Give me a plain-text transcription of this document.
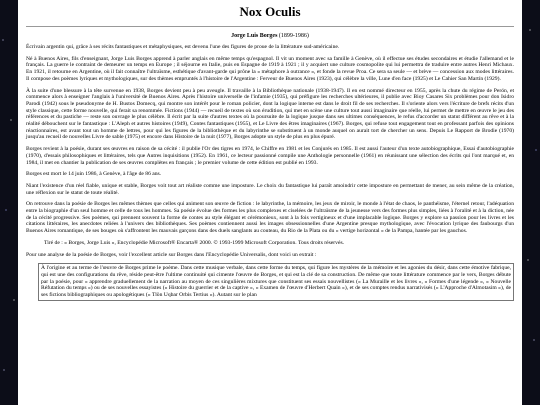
Nox Oculis
Jorge Luis Borges (1899-1986)

Écrivain argentin qui, grâce à ses récits fantastiques et métaphysiques, est devenu l'une des figures de proue de la littérature sud-américaine.

Né à Buenos Aires, fils d'enseignant, Jorge Luis Borges apprend à parler anglais en même temps qu'espagnol. Il vit un moment avec sa famille à Genève, où il effectue ses études secondaires et étudie l'allemand et le français. La guerre le contraint de demeurer un temps en Europe ; il séjourne en Italie, puis en Espagne de 1919 à 1921 ; il y acquiert une culture cosmopolite qui lui permettra de traduire entre autres Henri Michaux. En 1921, il retourne en Argentine, où il fait connaître l'ultraïsme, esthétique d'avant-garde qui prône la « métaphore à outrance », et fonde la revue Proa. Ce sera sa seule — et brève — concession aux modes littéraires. Il compose des poèmes lyriques et mythologiques, sur des thèmes empruntés à l'histoire de l'Argentine : Ferveur de Buenos Aires (1923), qui célèbre la ville, Lune d'en face (1925) et Le Cahier San Martín (1929).

À la suite d'une blessure à la tête survenue en 1938, Borges devient peu à peu aveugle. Il travaille à la Bibliothèque nationale (1938-1947). Il en est nommé directeur en 1955, après la chute du régime de Perón, et commence alors à enseigner l'anglais à l'université de Buenos Aires. Après l'histoire universelle de l'infamie (1935), qui préfigure les recherches ultérieures, il publie avec Bioy Casares Six problèmes pour don Isidro Parodi (1942) sous le pseudonyme de H. Bustos Domecq, qui montre son intérêt pour le roman policier, dont la logique interne est dans le droit fil de ses recherches. Il s'oriente alors vers l'écriture de brefs récits d'un style classique, cette forme nouvelle, qui ferait sa renommée. Fictions (1944) — recueil de textes où son érudition, qui met en scène une culture tout aussi imaginaire que réelle, lui permet de mettre en œuvre le jeu des références et du pastiche — reste son ouvrage le plus célèbre. Il écrit par la suite d'autres textes où la poursuite de la logique jusque dans ses ultimes conséquences, le refus d'accorder un statut différent au rêve et à la réalité débouchent sur le fantastique : L'Aleph et autres histoires (1949), Contes fantastiques (1955), et Le Livre des êtres imaginaires (1967). Borges, qui refuse tout engagement tout en professant parfois des opinions réactionnaires, est avant tout un homme de lettres, pour qui les figures de la bibliothèque et du labyrinthe se substituent à un monde auquel on aurait tort de chercher un sens. Depuis Le Rapport de Brodie (1970) jusqu'au recueil de nouvelles Livre de sable (1975) et encore dans Histoire de la nuit (1977), Borges adopte un style de plus en plus épuré.

Borges revient à la poésie, durant ses œuvres en raison de sa cécité : il publie l'Or des tigres en 1974, le Chiffre en 1981 et les Conjurés en 1985. Il est aussi l'auteur d'un texte autobiographique, Essai d'autobiographie (1970), d'essais philosophiques et littéraires, tels que Autres inquisitions (1952). En 1961, ce lecteur passionné compile une Anthologie personnelle (1961) en réunissant une sélection des écrits qui l'ont marqué et, en 1984, il met en chantier la publication de ses œuvres complètes en français ; le premier volume de cette édition est publié en 1993.

Borges est mort le 14 juin 1986, à Genève, à l'âge de 86 ans.

Niant l'existence d'un réel fiable, unique et stable, Borges voit tout art réaliste comme une imposture. Le choix du fantastique lui paraît amoindrir cette imposture en permettant de mener, au sein même de la création, une réflexion sur le statut de toute réalité.

On retrouve dans la poésie de Borges les mêmes thèmes que celles qui animent son œuvre de fiction : le labyrinthe, la mémoire, les jeux de miroir, le monde à l'état de chaos, le panthéisme, l'éternel retour, l'adéquation entre la biographie d'un seul homme et celle de tous les hommes. Sa poésie évolue des formes les plus complexes et ciselées de l'ultraïsme de la jeunesse vers des formes plus simples, liées à l'oralité et à la diction, née de la cécité progressive. Ses poèmes, qui prennent souvent la forme de contes au style élégant et cérémonieux, sont à la fois vertigineux et d'une implacable logique. Borges y explore sa passion pour les livres et les citations littéraires, les anecdotes reliées à l'univers des bibliothèques. Ses poèmes contiennent aussi les images obsessionnelles d'une Argentine presque mythologique, avec l'évocation lyrique des faubourgs d'un Buenos Aires romantique, de ses bouges où s'affrontent les mauvais garçons dans des duels sanglants au couteau, du Rio de la Plata ou du « vertige horizontal » de la Pampa, hantée par les gauchos.

Tiré de : « Borges, Jorge Luis », Encyclopédie Microsoft® Encarta® 2000. © 1993-1999 Microsoft Corporation. Tous droits réservés.

Pour une analyse de la poésie de Borges, voir l'excellent article sur Borges dans l'Encyclopédie Universalis, dont voici un extrait :

À l'origine et au terme de l'œuvre de Borges prime le poème. Dans cette musique verbale, dans cette forme du temps, qui figure les mystères de la mémoire et les agonies du désir, dans cette émotive fabrique, qui est une des configurations du rêve, réside peut-être l'ultime continuité qui cimente l'œuvre de Borges, et qui est la clé de sa construction. De même que toute littérature commence par le vers, Borges débute par la poésie, pour « apprendre graduellement de la narration au moyen de ces singulières mixtures que constituent ses essais nouvellistes (« La Muraille et les livres », « Formes d'une légende », « Nouvelle Réfutation du temps ») ou de ses nouvelles essayistes (« Histoire du guerrier et de la captive », « Examen de l'œuvre d'Herbert Quain »), et de ses comptes rendus narrativisés (« L'Approche d'Almotasim »), de ses fictions bibliographiques ou apologétiques (« Tlön Uqbar Orbis Tertius »). Autant sur le plan
